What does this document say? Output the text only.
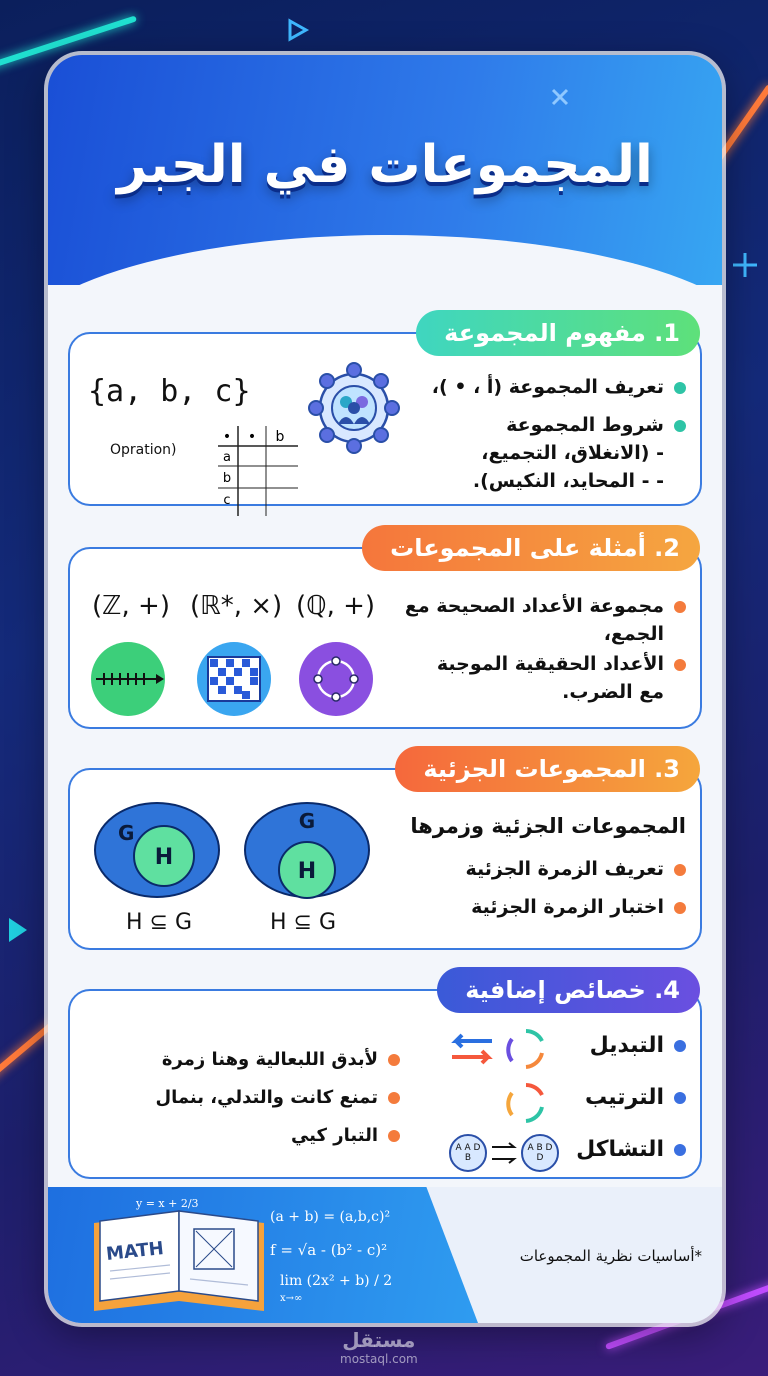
المجموعات في الجبر
1. مفهوم المجموعة
تعريف المجموعة (أ ، • )،
شروط المجموعة
- (الانغلاق، التجميع،
- - المحايد، النكيس).
• • b
a
b
c
{a, b, c}
Opration)
2. أمثلة على المجموعات
مجموعة الأعداد الصحيحة مع
الجمع،
الأعداد الحقيقية الموجبة
مع الضرب.
(ℤ, +) (ℝ*, ×) (ℚ, +)
3. المجموعات الجزئية
المجموعات الجزئية وزمرها
تعريف الزمرة الجزئية
اختبار الزمرة الجزئية
G
H
G
H
H ⊆ G	H ⊆ G
4. خصائص إضافية
التبديل
الترتيب
التشاكل
A A D B
A B D D
لأبدق اللبعالية وهنا زمرة
تمنع كانت والتدلي، بنمال
التبار كيي
MATH
y = x + 2/3
(a + b) = (a,b,c)²
f = √a - (b² - c)²
lim (2x² + b) / 2
x→∞
*أساسيات نظرية المجموعات
مستقل
mostaql.com
